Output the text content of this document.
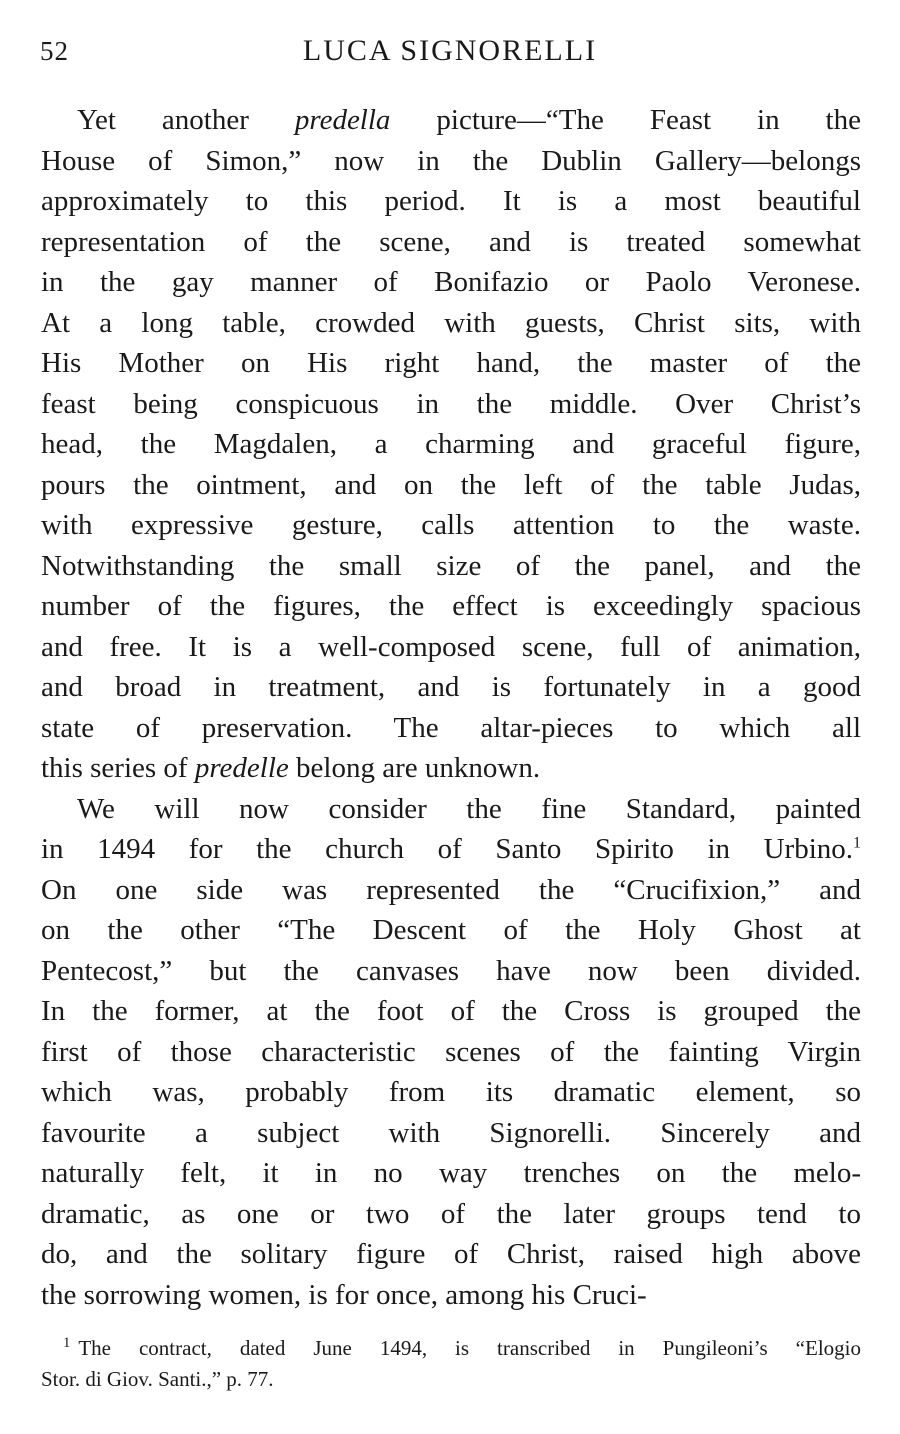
52	LUCA SIGNORELLI
Yet another predella picture—“The Feast in the
House of Simon,” now in the Dublin Gallery—belongs
approximately to this period. It is a most beautiful
representation of the scene, and is treated somewhat
in the gay manner of Bonifazio or Paolo Veronese.
At a long table, crowded with guests, Christ sits, with
His Mother on His right hand, the master of the
feast being conspicuous in the middle. Over Christ’s
head, the Magdalen, a charming and graceful figure,
pours the ointment, and on the left of the table Judas,
with expressive gesture, calls attention to the waste.
Notwithstanding the small size of the panel, and the
number of the figures, the effect is exceedingly spacious
and free. It is a well-composed scene, full of animation,
and broad in treatment, and is fortunately in a good
state of preservation. The altar-pieces to which all
this series of predelle belong are unknown.
We will now consider the fine Standard, painted
in 1494 for the church of Santo Spirito in Urbino.$^1$
On one side was represented the “Crucifixion,” and
on the other “The Descent of the Holy Ghost at
Pentecost,” but the canvases have now been divided.
In the former, at the foot of the Cross is grouped the
first of those characteristic scenes of the fainting Virgin
which was, probably from its dramatic element, so
favourite a subject with Signorelli. Sincerely and
naturally felt, it in no way trenches on the melo-
dramatic, as one or two of the later groups tend to
do, and the solitary figure of Christ, raised high above
the sorrowing women, is for once, among his Cruci-
$^1$ The contract, dated June 1494, is transcribed in Pungileoni’s “Elogio
Stor. di Giov. Santi.,” p. 77.
